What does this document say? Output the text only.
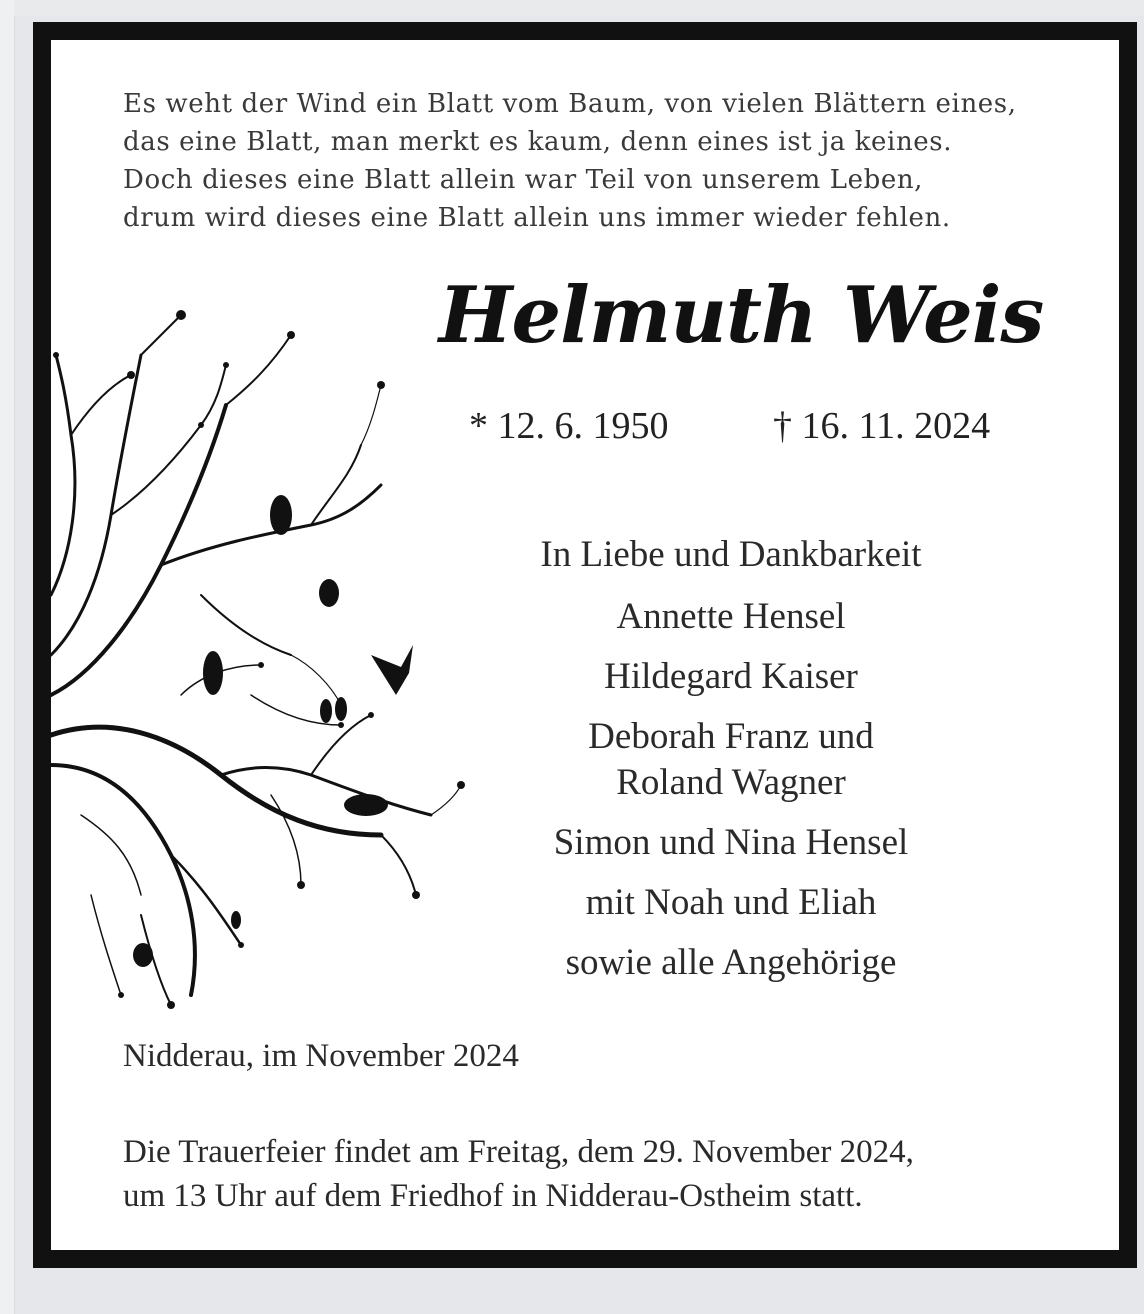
Es weht der Wind ein Blatt vom Baum, von vielen Blättern eines,
das eine Blatt, man merkt es kaum, denn eines ist ja keines.
Doch dieses eine Blatt allein war Teil von unserem Leben,
drum wird dieses eine Blatt allein uns immer wieder fehlen.
Helmuth Weis
* 12. 6. 1950	† 16. 11. 2024
In Liebe und Dankbarkeit
Annette Hensel
Hildegard Kaiser
Deborah Franz und
Roland Wagner
Simon und Nina Hensel
mit Noah und Eliah
sowie alle Angehörige
Nidderau, im November 2024
Die Trauerfeier findet am Freitag, dem 29. November 2024,
um 13 Uhr auf dem Friedhof in Nidderau-Ostheim statt.
